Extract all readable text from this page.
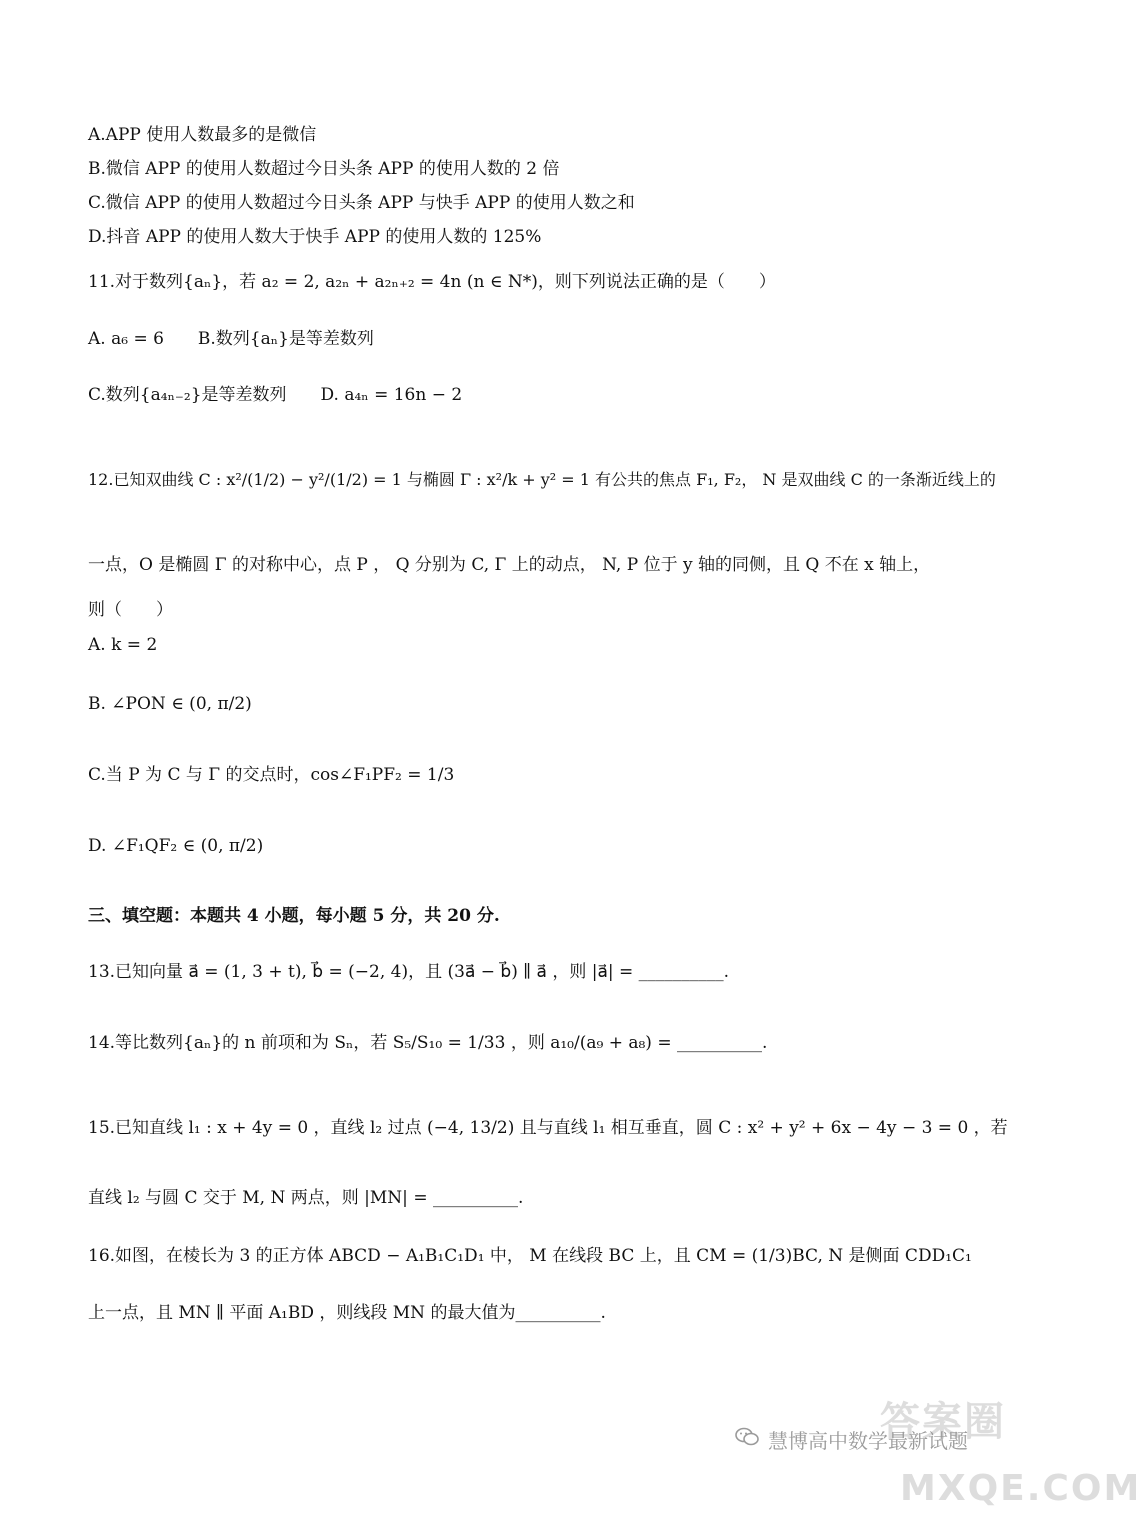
A.APP 使用人数最多的是微信
B.微信 APP 的使用人数超过今日头条 APP 的使用人数的 2 倍
C.微信 APP 的使用人数超过今日头条 APP 与快手 APP 的使用人数之和
D.抖音 APP 的使用人数大于快手 APP 的使用人数的 125%
11.对于数列{aₙ}，若 a₂ = 2, a₂ₙ + a₂ₙ₊₂ = 4n (n ∈ N*)，则下列说法正确的是（　　）
A. a₆ = 6　　B.数列{aₙ}是等差数列
C.数列{a₄ₙ₋₂}是等差数列　　D. a₄ₙ = 16n − 2
12.已知双曲线 C : x²/(1/2) − y²/(1/2) = 1 与椭圆 Γ : x²/k + y² = 1 有公共的焦点 F₁, F₂， N 是双曲线 C 的一条渐近线上的
一点，O 是椭圆 Γ 的对称中心，点 P ， Q 分别为 C, Γ 上的动点， N, P 位于 y 轴的同侧，且 Q 不在 x 轴上，
则（　　）
A. k = 2
B. ∠PON ∈ (0, π/2)
C.当 P 为 C 与 Γ 的交点时，cos∠F₁PF₂ = 1/3
D. ∠F₁QF₂ ∈ (0, π/2)
三、填空题：本题共 4 小题，每小题 5 分，共 20 分.
13.已知向量 a⃗ = (1, 3 + t), b⃗ = (−2, 4)，且 (3a⃗ − b⃗) ∥ a⃗ ，则 |a⃗| = __________.
14.等比数列{aₙ}的 n 前项和为 Sₙ，若 S₅/S₁₀ = 1/33 ，则 a₁₀/(a₉ + a₈) = __________.
15.已知直线 l₁ : x + 4y = 0 ，直线 l₂ 过点 (−4, 13/2) 且与直线 l₁ 相互垂直，圆 C : x² + y² + 6x − 4y − 3 = 0 ，若
直线 l₂ 与圆 C 交于 M, N 两点，则 |MN| = __________.
16.如图，在棱长为 3 的正方体 ABCD − A₁B₁C₁D₁ 中， M 在线段 BC 上，且 CM = (1/3)BC, N 是侧面 CDD₁C₁
上一点，且 MN ∥ 平面 A₁BD ，则线段 MN 的最大值为__________.
答案圈
MXQE.COM
慧博高中数学最新试题
